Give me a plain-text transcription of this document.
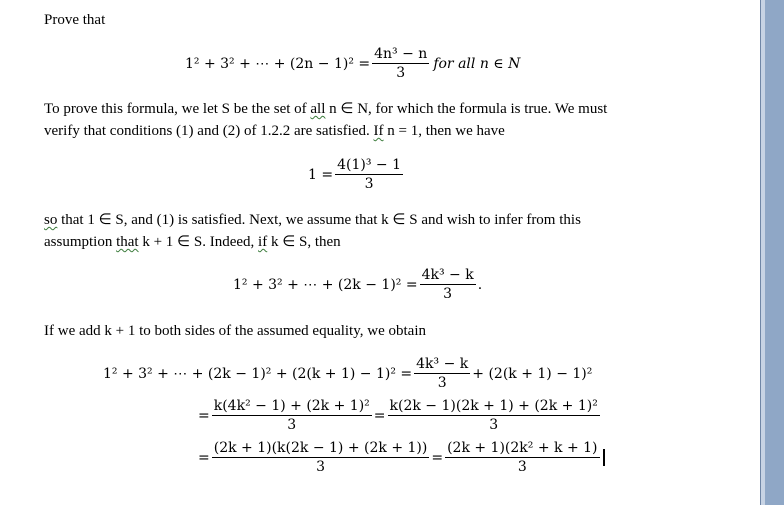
Prove that
1² + 3² + ⋯ + $(2n - 1)^2 = \frac{\text{4n³ − n}}{3}$ for all n ∈ N
To prove this formula, we let S be the set of all n ∈ N, for which the formula is true. We must
verify that conditions (1) and (2) of 1.2.2 are satisfied. If n = 1, then we have
$1 = \frac{\text{4(1)³ − 1}}{3}$
so that 1 ∈ S, and (1) is satisfied. Next, we assume that k ∈ S and wish to infer from this
assumption that k + 1 ∈ S. Indeed, if k ∈ S, then
1² + 3² + ⋯ + $(2k - 1)^2 = \frac{\text{4k³ − k}}{3}$ .
If we add k + 1 to both sides of the assumed equality, we obtain
1² + 3² + ⋯ + $(2k - 1)^2 + (2(k + 1) - 1)^2 = \frac{\text{4k³ − k}}{3} + (2(k + 1) - 1)^2$
= $\frac{\text{k(4k² − 1) + (2k + 1)²}}{3} = \frac{\text{k(2k − 1)(2k + 1) + (2k + 1)²}}{3}$
= $\frac{(2k + 1)(k(2k - 1) + (2k + 1))}{3} = \frac{\text{(2k + 1)(2k² + k + 1)}}{3}$
